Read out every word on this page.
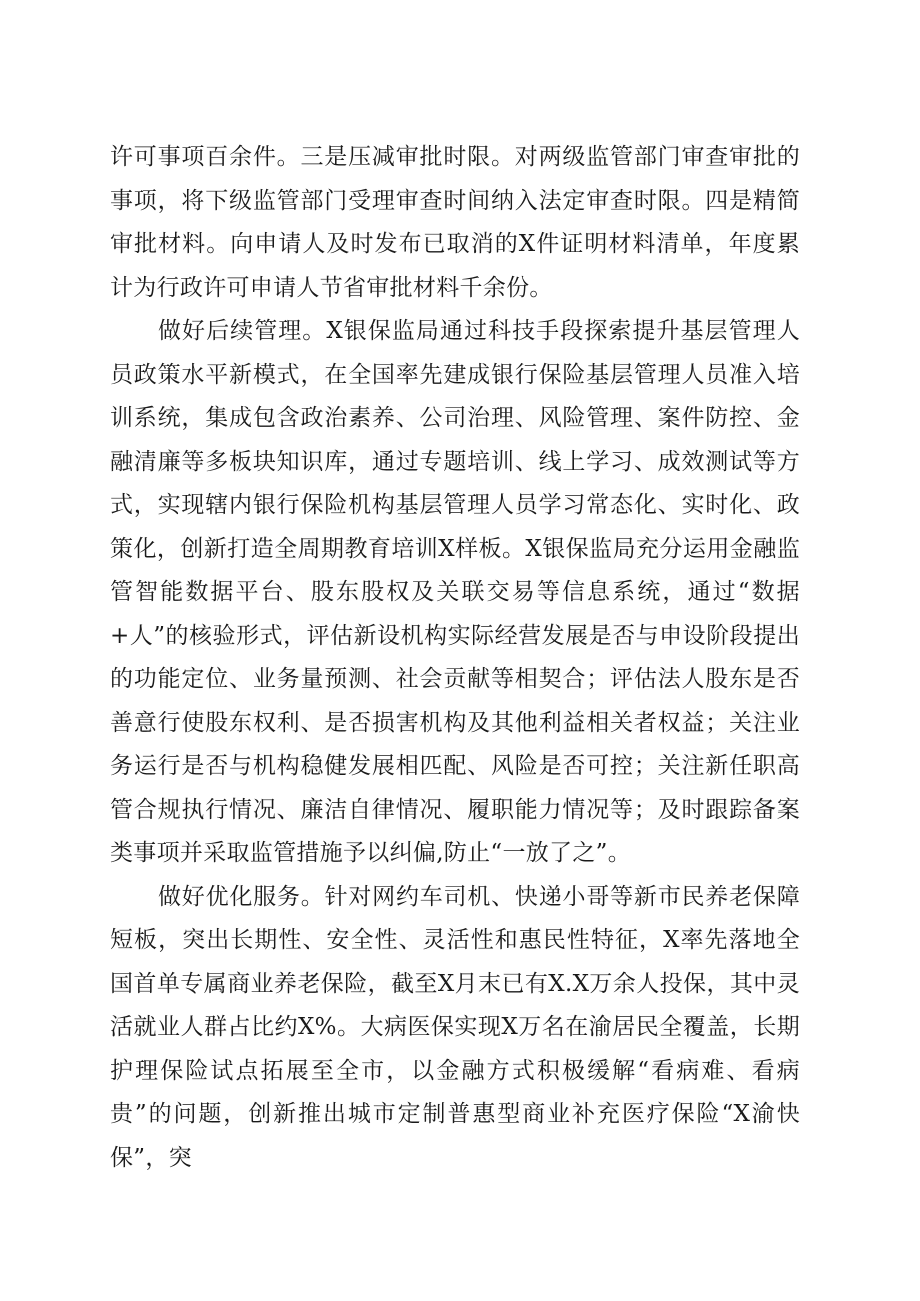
许可事项百余件。三是压减审批时限。对两级监管部门审查审批的事项，将下级监管部门受理审查时间纳入法定审查时限。四是精简审批材料。向申请人及时发布已取消的X件证明材料清单，年度累计为行政许可申请人节省审批材料千余份。

做好后续管理。X银保监局通过科技手段探索提升基层管理人员政策水平新模式，在全国率先建成银行保险基层管理人员准入培训系统，集成包含政治素养、公司治理、风险管理、案件防控、金融清廉等多板块知识库，通过专题培训、线上学习、成效测试等方式，实现辖内银行保险机构基层管理人员学习常态化、实时化、政策化，创新打造全周期教育培训X样板。X银保监局充分运用金融监管智能数据平台、股东股权及关联交易等信息系统，通过“数据+人”的核验形式，评估新设机构实际经营发展是否与申设阶段提出的功能定位、业务量预测、社会贡献等相契合；评估法人股东是否善意行使股东权利、是否损害机构及其他利益相关者权益；关注业务运行是否与机构稳健发展相匹配、风险是否可控；关注新任职高管合规执行情况、廉洁自律情况、履职能力情况等；及时跟踪备案类事项并采取监管措施予以纠偏,防止“一放了之”。

做好优化服务。针对网约车司机、快递小哥等新市民养老保障短板，突出长期性、安全性、灵活性和惠民性特征，X率先落地全国首单专属商业养老保险，截至X月末已有X.X万余人投保，其中灵活就业人群占比约X%。大病医保实现X万名在渝居民全覆盖，长期护理保险试点拓展至全市，以金融方式积极缓解“看病难、看病贵”的问题，创新推出城市定制普惠型商业补充医疗保险“X渝快保”，突
